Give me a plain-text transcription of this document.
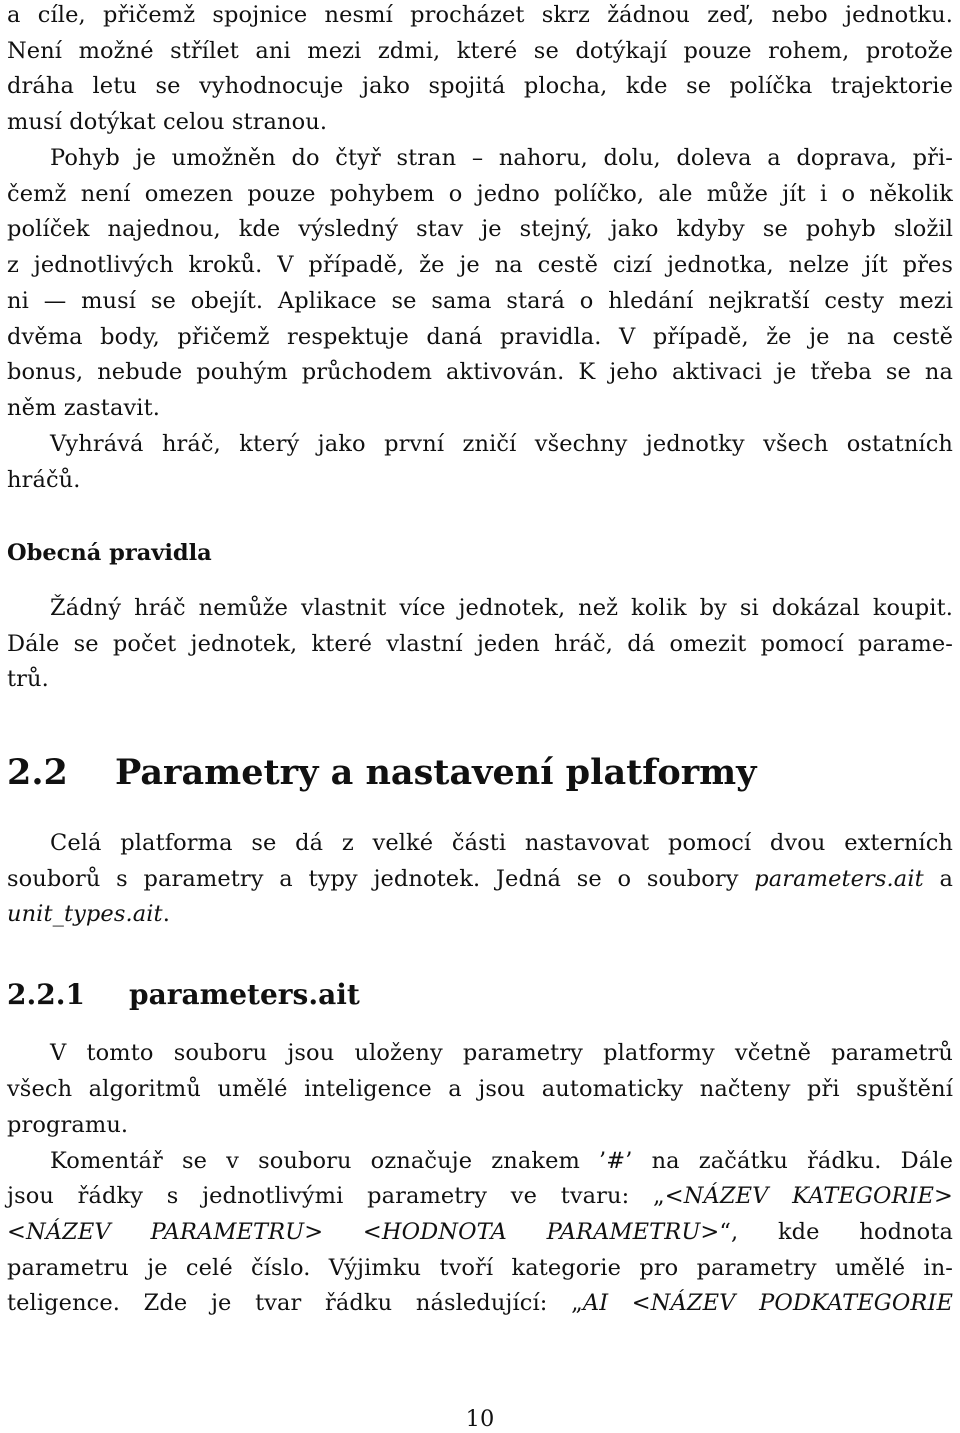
a cíle, přičemž spojnice nesmí procházet skrz žádnou zeď, nebo jednotku.

Není možné střílet ani mezi zdmi, které se dotýkají pouze rohem, protože

dráha letu se vyhodnocuje jako spojitá plocha, kde se políčka trajektorie

musí dotýkat celou stranou.

Pohyb je umožněn do čtyř stran – nahoru, dolu, doleva a doprava, při-

čemž není omezen pouze pohybem o jedno políčko, ale může jít i o několik

políček najednou, kde výsledný stav je stejný, jako kdyby se pohyb složil

z jednotlivých kroků. V případě, že je na cestě cizí jednotka, nelze jít přes

ni — musí se obejít. Aplikace se sama stará o hledání nejkratší cesty mezi

dvěma body, přičemž respektuje daná pravidla. V případě, že je na cestě

bonus, nebude pouhým průchodem aktivován. K jeho aktivaci je třeba se na

něm zastavit.

Vyhrává hráč, který jako první zničí všechny jednotky všech ostatních

hráčů.

Obecná pravidla

Žádný hráč nemůže vlastnit více jednotek, než kolik by si dokázal koupit.

Dále se počet jednotek, které vlastní jeden hráč, dá omezit pomocí parame-

trů.

2.2 Parametry a nastavení platformy

Celá platforma se dá z velké části nastavovat pomocí dvou externích

souborů s parametry a typy jednotek. Jedná se o soubory parameters.ait a

unit_types.ait.

2.2.1 parameters.ait

V tomto souboru jsou uloženy parametry platformy včetně parametrů

všech algoritmů umělé inteligence a jsou automaticky načteny při spuštění

programu.

Komentář se v souboru označuje znakem ’#’ na začátku řádku. Dále

jsou řádky s jednotlivými parametry ve tvaru: „<NÁZEV KATEGORIE>

<NÁZEV PARAMETRU> <HODNOTA PARAMETRU>“, kde hodnota

parametru je celé číslo. Výjimku tvoří kategorie pro parametry umělé in-

teligence. Zde je tvar řádku následující: „AI <NÁZEV PODKATEGORIE

10
